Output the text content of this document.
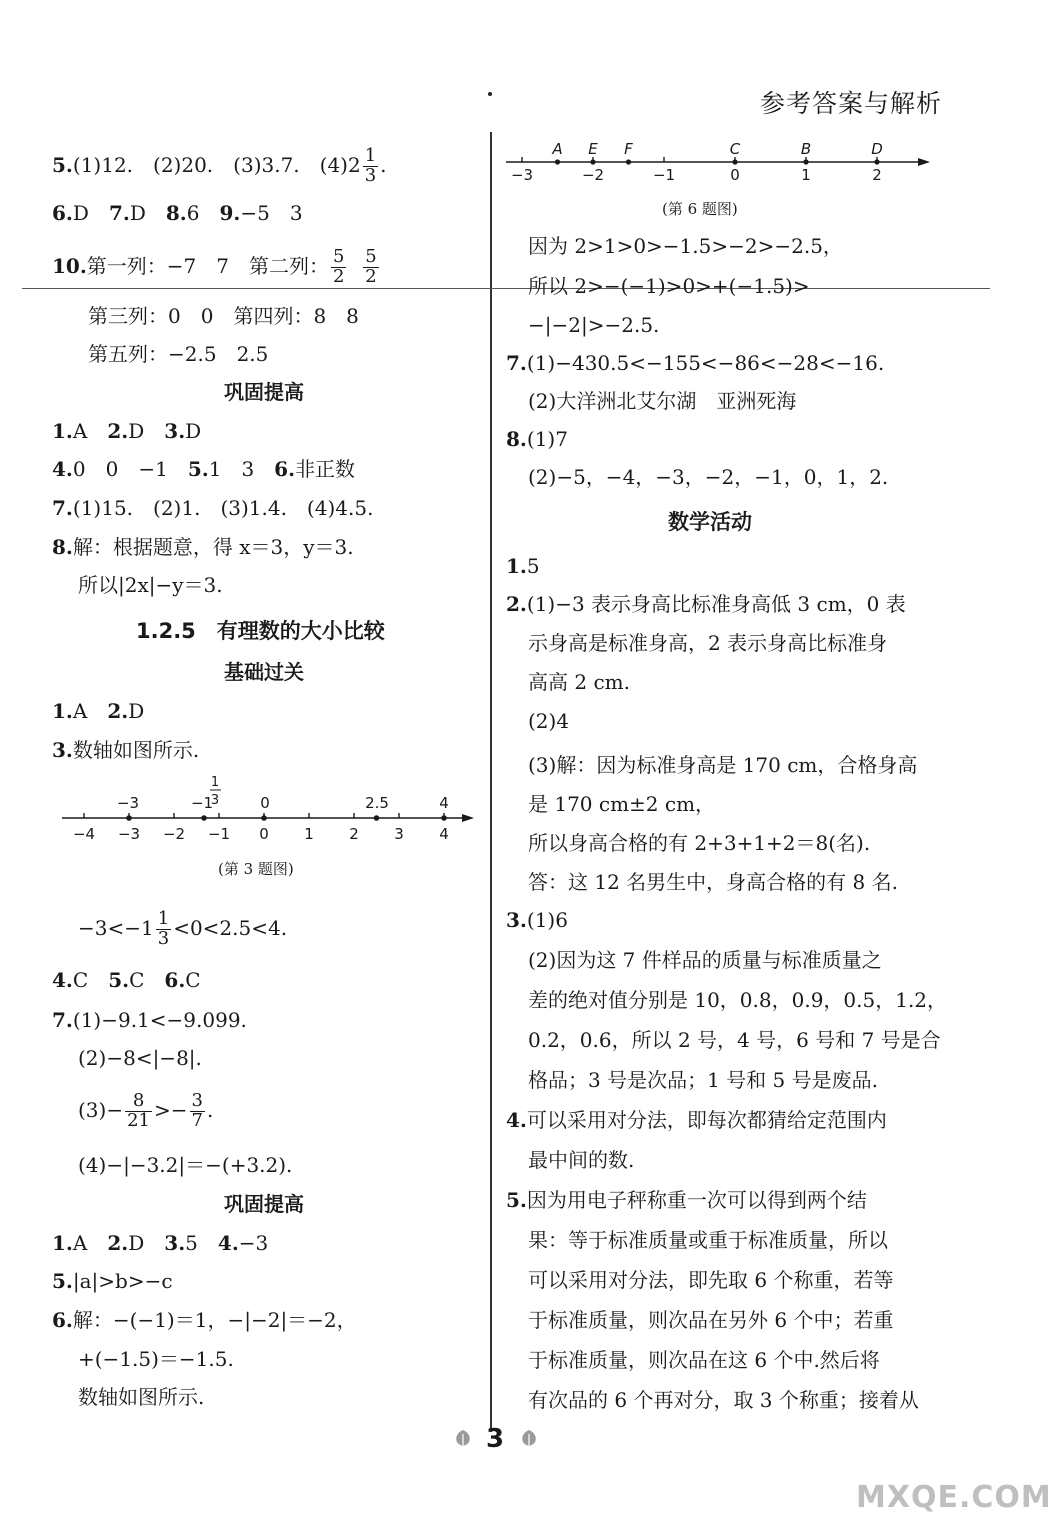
参考答案与解析
5.(1)12.　(2)20.　(3)3.7.　$(4)2 \frac{1}{3}$ .
6.D　7.D　8.6　9.−5　3
10.第一列：−7　7　第二列： $\frac{5}{2}$
$\frac{5}{2}$
第三列：0　0　第四列：8　8
第五列：−2.5　2.5
巩固提高
1.A　2.D　3.D
4.0　0　−1　5.1　3　6.非正数
7.(1)15.　(2)1.　(3)1.4.　(4)4.5.
8.解：根据题意，得 x＝3，y＝3.
所以|2x|−y＝3.
1.2.5　有理数的大小比较
基础过关
1.A　2.D
3.数轴如图所示.
−4 −3 −2 −1 0 1 2 3 4
−3	−1
1
3	0	2.5	4
(第 3 题图)
$-3<-1 \frac{1}{3} <0<2.5<4$.
4.C　5.C　6.C
7.(1)−9.1<−9.099.
(2)−8<|−8|.
$(3)- \frac{8}{21} >- \frac{3}{7}$ .
(4)−|−3.2|＝−(+3.2).
巩固提高
1.A　2.D　3.5　4.−3
5.|a|>b>−c
6.解：−(−1)＝1，−|−2|＝−2，
+(−1.5)＝−1.5.
数轴如图所示.
−3	−2	−1	0	1	2
A E F	C	B	D
(第 6 题图)
因为 2>1>0>−1.5>−2>−2.5，
所以 2>−(−1)>0>+(−1.5)>
−|−2|>−2.5.
7.(1)−430.5<−155<−86<−28<−16.
(2)大洋洲北艾尔湖　亚洲死海
8.(1)7
(2)−5，−4，−3，−2，−1，0，1，2.
数学活动
1.5
2.(1)−3 表示身高比标准身高低 3 cm，0 表
示身高是标准身高，2 表示身高比标准身
高高 2 cm.
(2)4
(3)解：因为标准身高是 170 cm，合格身高
是 170 cm±2 cm，
所以身高合格的有 2+3+1+2＝8(名).
答：这 12 名男生中，身高合格的有 8 名.
3.(1)6
(2)因为这 7 件样品的质量与标准质量之
差的绝对值分别是 10，0.8，0.9，0.5，1.2，
0.2，0.6，所以 2 号，4 号，6 号和 7 号是合
格品；3 号是次品；1 号和 5 号是废品.
4.可以采用对分法，即每次都猜给定范围内
最中间的数.
5.因为用电子秤称重一次可以得到两个结
果：等于标准质量或重于标准质量，所以
可以采用对分法，即先取 6 个称重，若等
于标准质量，则次品在另外 6 个中；若重
于标准质量，则次品在这 6 个中.然后将
有次品的 6 个再对分，取 3 个称重；接着从
3
MXQE.COM
